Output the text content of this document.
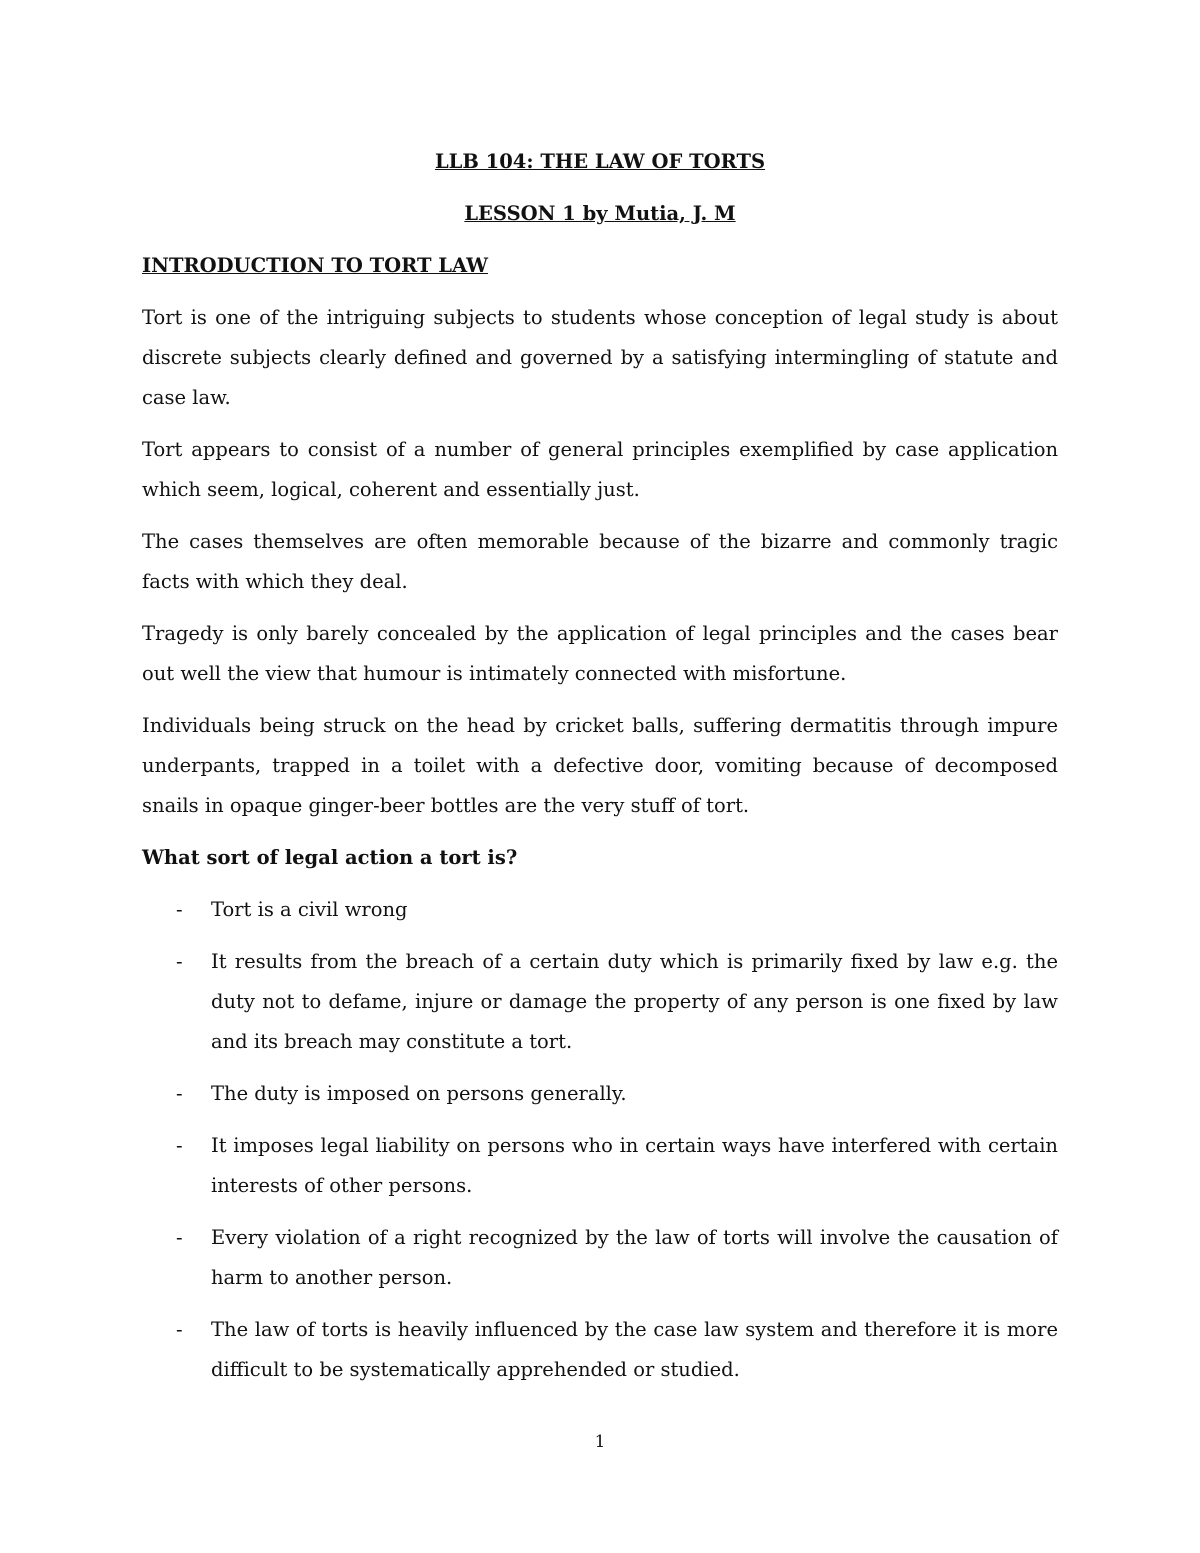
LLB 104: THE LAW OF TORTS
LESSON 1 by Mutia, J. M
INTRODUCTION TO TORT LAW

Tort is one of the intriguing subjects to students whose conception of legal study is about discrete subjects clearly defined and governed by a satisfying intermingling of statute and case law.

Tort appears to consist of a number of general principles exemplified by case application which seem, logical, coherent and essentially just.

The cases themselves are often memorable because of the bizarre and commonly tragic facts with which they deal.

Tragedy is only barely concealed by the application of legal principles and the cases bear out well the view that humour is intimately connected with misfortune.

Individuals being struck on the head by cricket balls, suffering dermatitis through impure underpants, trapped in a toilet with a defective door, vomiting because of decomposed snails in opaque ginger-beer bottles are the very stuff of tort.

What sort of legal action a tort is?
- Tort is a civil wrong
- It results from the breach of a certain duty which is primarily fixed by law e.g. the duty not to defame, injure or damage the property of any person is one fixed by law and its breach may constitute a tort.
- The duty is imposed on persons generally.
- It imposes legal liability on persons who in certain ways have interfered with certain interests of other persons.
- Every violation of a right recognized by the law of torts will involve the causation of harm to another person.
- The law of torts is heavily influenced by the case law system and therefore it is more difficult to be systematically apprehended or studied.
1
